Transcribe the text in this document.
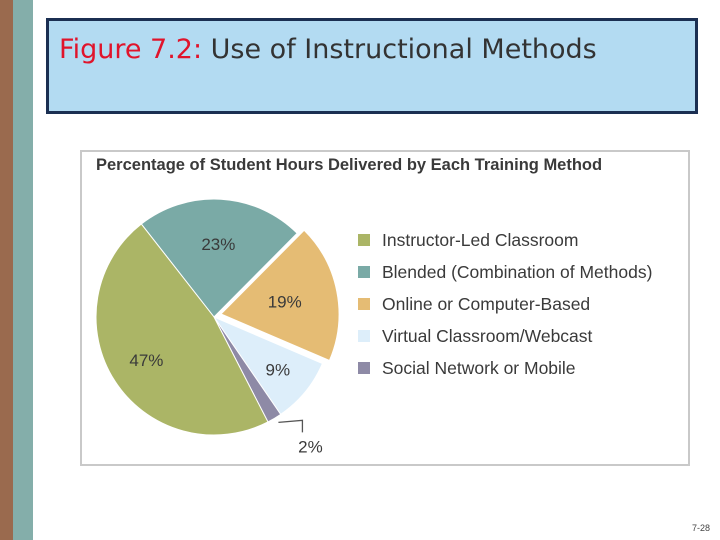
Figure 7.2: Use of Instructional Methods
Percentage of Student Hours Delivered by Each Training Method
23%
19%
9%
2%
47%
Instructor-Led Classroom
Blended (Combination of Methods)
Online or Computer-Based
Virtual Classroom/Webcast
Social Network or Mobile
7-28
